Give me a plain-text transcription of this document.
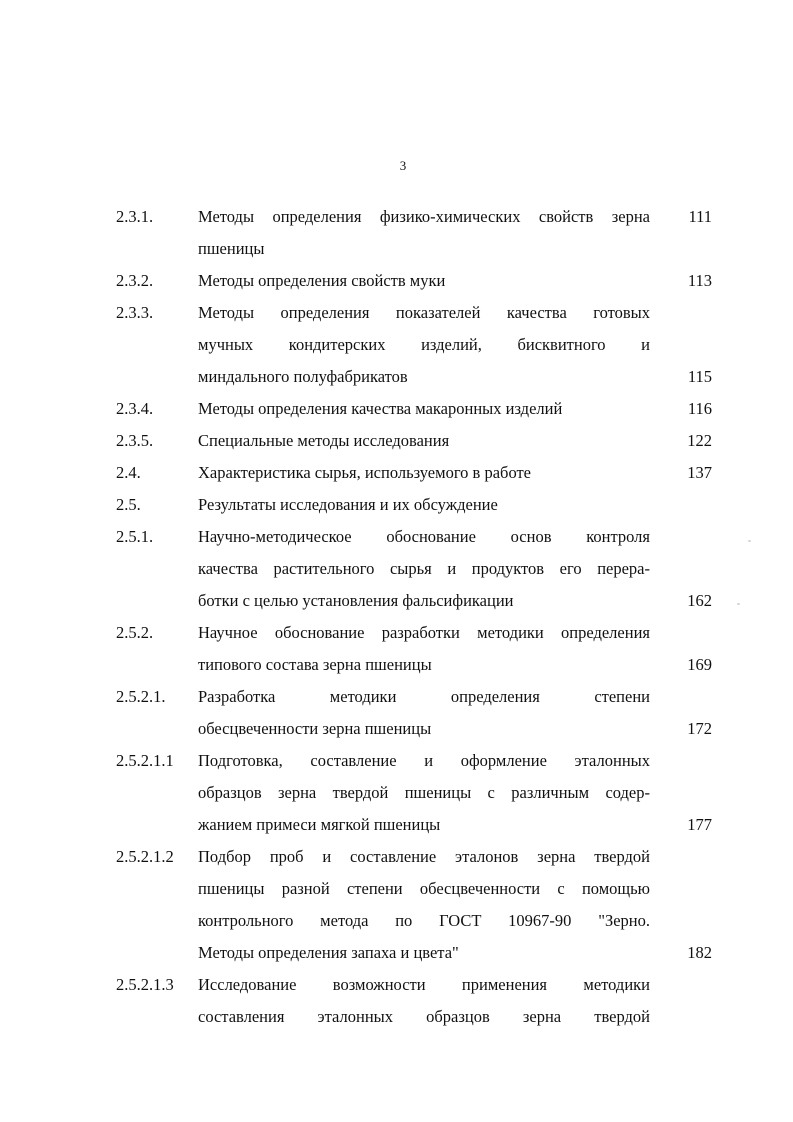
3
2.3.1.	Методы определения физико-химических свойств зерна	111
пшеницы
2.3.2.	Методы определения свойств муки	113
2.3.3.	Методы определения показателей качества готовых
мучных кондитерских изделий, бисквитного и
миндального полуфабрикатов	115
2.3.4.	Методы определения качества макаронных изделий	116
2.3.5.	Специальные методы исследования	122
2.4.	Характеристика сырья, используемого в работе	137
2.5.	Результаты исследования и их обсуждение
2.5.1.	Научно-методическое обоснование основ контроля
качества растительного сырья и продуктов его перера-
ботки с целью установления фальсификации	162
2.5.2.	Научное обоснование разработки методики определения
типового состава зерна пшеницы	169
2.5.2.1. Разработка методики определения степени
обесцвеченности зерна пшеницы	172
2.5.2.1.1 Подготовка, составление и оформление эталонных
образцов зерна твердой пшеницы с различным содер-
жанием примеси мягкой пшеницы	177
2.5.2.1.2 Подбор проб и составление эталонов зерна твердой
пшеницы разной степени обесцвеченности с помощью
контрольного метода по ГОСТ 10967-90 "Зерно.
Методы определения запаха и цвета"	182
2.5.2.1.3 Исследование возможности применения методики
составления эталонных образцов зерна твердой
